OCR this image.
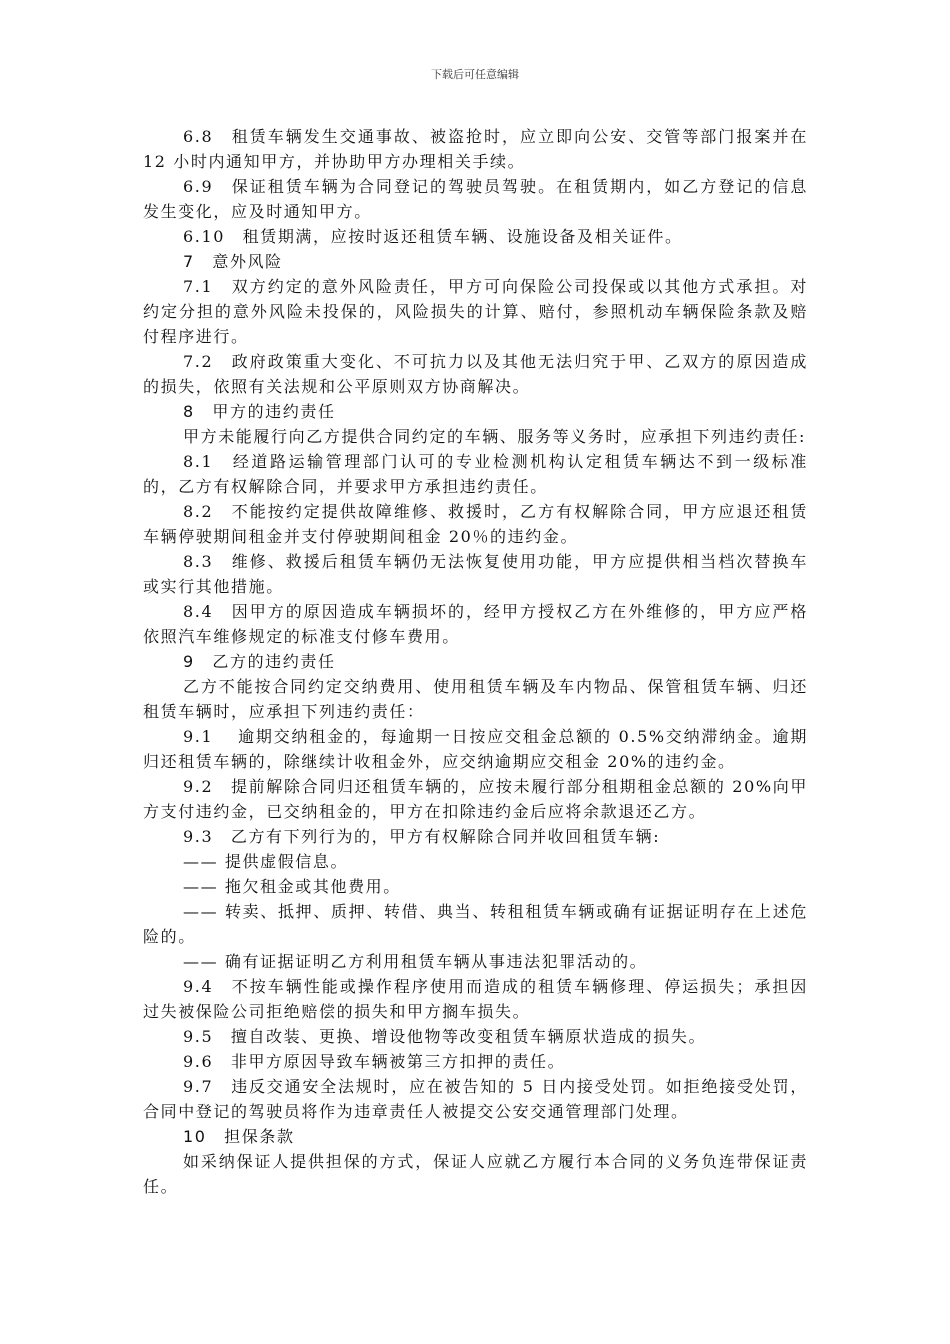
下载后可任意编辑

6.8　租赁车辆发生交通事故、被盗抢时，应立即向公安、交管等部门报案并在 12 小时内通知甲方，并协助甲方办理相关手续。

6.9　保证租赁车辆为合同登记的驾驶员驾驶。在租赁期内，如乙方登记的信息发生变化，应及时通知甲方。

6.10　租赁期满，应按时返还租赁车辆、设施设备及相关证件。

7　意外风险

7.1　双方约定的意外风险责任，甲方可向保险公司投保或以其他方式承担。对约定分担的意外风险未投保的，风险损失的计算、赔付，参照机动车辆保险条款及赔付程序进行。

7.2　政府政策重大变化、不可抗力以及其他无法归究于甲、乙双方的原因造成的损失，依照有关法规和公平原则双方协商解决。

8　甲方的违约责任

甲方未能履行向乙方提供合同约定的车辆、服务等义务时，应承担下列违约责任:

8.1　经道路运输管理部门认可的专业检测机构认定租赁车辆达不到一级标准的，乙方有权解除合同，并要求甲方承担违约责任。

8.2　不能按约定提供故障维修、救援时，乙方有权解除合同，甲方应退还租赁车辆停驶期间租金并支付停驶期间租金 20％的违约金。

8.3　维修、救援后租赁车辆仍无法恢复使用功能，甲方应提供相当档次替换车或实行其他措施。

8.4　因甲方的原因造成车辆损坏的，经甲方授权乙方在外维修的，甲方应严格依照汽车维修规定的标准支付修车费用。

9　乙方的违约责任

乙方不能按合同约定交纳费用、使用租赁车辆及车内物品、保管租赁车辆、归还租赁车辆时，应承担下列违约责任：

9.1　 逾期交纳租金的，每逾期一日按应交租金总额的 0.5%交纳滞纳金。逾期归还租赁车辆的，除继续计收租金外，应交纳逾期应交租金 20%的违约金。

9.2　提前解除合同归还租赁车辆的，应按未履行部分租期租金总额的 20%向甲方支付违约金，已交纳租金的，甲方在扣除违约金后应将余款退还乙方。

9.3　乙方有下列行为的，甲方有权解除合同并收回租赁车辆:

—— 提供虚假信息。

—— 拖欠租金或其他费用。

—— 转卖、抵押、质押、转借、典当、转租租赁车辆或确有证据证明存在上述危险的。

—— 确有证据证明乙方利用租赁车辆从事违法犯罪活动的。

9.4　不按车辆性能或操作程序使用而造成的租赁车辆修理、停运损失；承担因过失被保险公司拒绝赔偿的损失和甲方搁车损失。

9.5　擅自改装、更换、增设他物等改变租赁车辆原状造成的损失。

9.6　非甲方原因导致车辆被第三方扣押的责任。

9.7　违反交通安全法规时，应在被告知的 5 日内接受处罚。如拒绝接受处罚，合同中登记的驾驶员将作为违章责任人被提交公安交通管理部门处理。

10　担保条款

如采纳保证人提供担保的方式，保证人应就乙方履行本合同的义务负连带保证责任。
